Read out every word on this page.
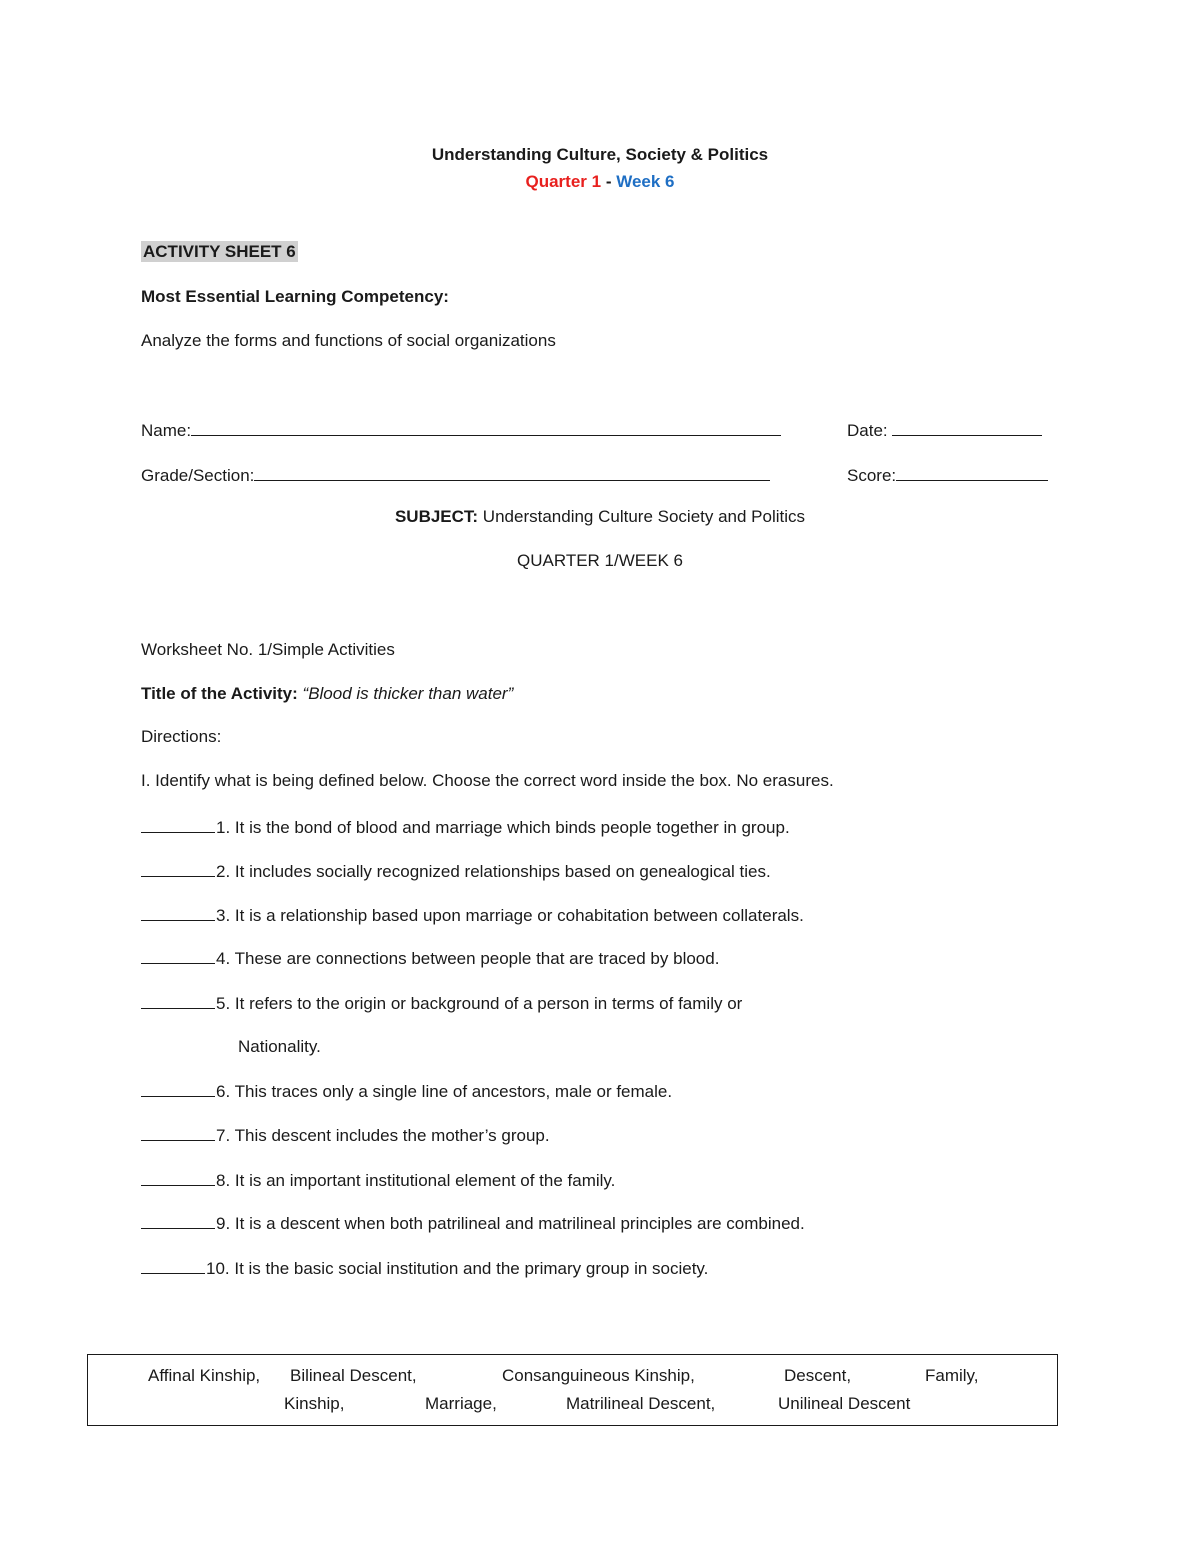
Understanding Culture, Society & Politics
Quarter 1 - Week 6
ACTIVITY SHEET 6
Most Essential Learning Competency:
Analyze the forms and functions of social organizations
Name:	Date:
Grade/Section:	Score:
SUBJECT: Understanding Culture Society and Politics
QUARTER 1/WEEK 6
Worksheet No. 1/Simple Activities
Title of the Activity: “Blood is thicker than water”
Directions:
I. Identify what is being defined below. Choose the correct word inside the box. No erasures.
1. It is the bond of blood and marriage which binds people together in group.
2. It includes socially recognized relationships based on genealogical ties.
3. It is a relationship based upon marriage or cohabitation between collaterals.
4. These are connections between people that are traced by blood.
5. It refers to the origin or background of a person in terms of family or
Nationality.
6. This traces only a single line of ancestors, male or female.
7. This descent includes the mother’s group.
8. It is an important institutional element of the family.
9. It is a descent when both patrilineal and matrilineal principles are combined.
10. It is the basic social institution and the primary group in society.
Affinal Kinship, Bilineal Descent,	Consanguineous Kinship,	Descent,	Family,
Kinship,	Marriage,	Matrilineal Descent,	Unilineal Descent
